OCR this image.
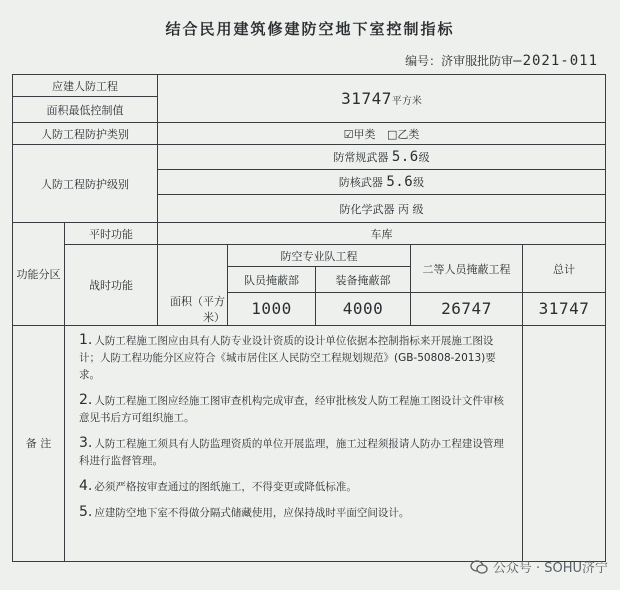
结合民用建筑修建防空地下室控制指标
编号：济审服批防审—2021-011
应建人防工程		31747平方米				
面积最低控制值						
人防工程防护类别		☑甲类 □乙类				
人防工程防护级别		防常规武器 5.6级				
		防核武器 5.6级				
		防化学武器 丙 级				
功能分区	平时功能	车库				
	战时功能		防空专业队工程		二等人员掩蔽工程	总计
			队员掩蔽部	装备掩蔽部		
		面积（平方米）	1000	4000	26747	31747
备 注	1. 人防工程施工图应由具有人防专业设计资质的设计单位依据本控制指标来开展施工图设计；人防工程功能分区应符合《城市居住区人民防空工程规划规范》(GB-50808-2013)要求。

2. 人防工程施工图应经施工图审查机构完成审查，经审批核发人防工程施工图设计文件审核意见书后方可组织施工。

3. 人防工程施工须具有人防监理资质的单位开展监理，施工过程须报请人防办工程建设管理科进行监督管理。

4. 必须严格按审查通过的图纸施工，不得变更或降低标准。

5. 应建防空地下室不得做分隔式储藏使用，应保持战时平面空间设计。					

公众号 · SOHU济宁
